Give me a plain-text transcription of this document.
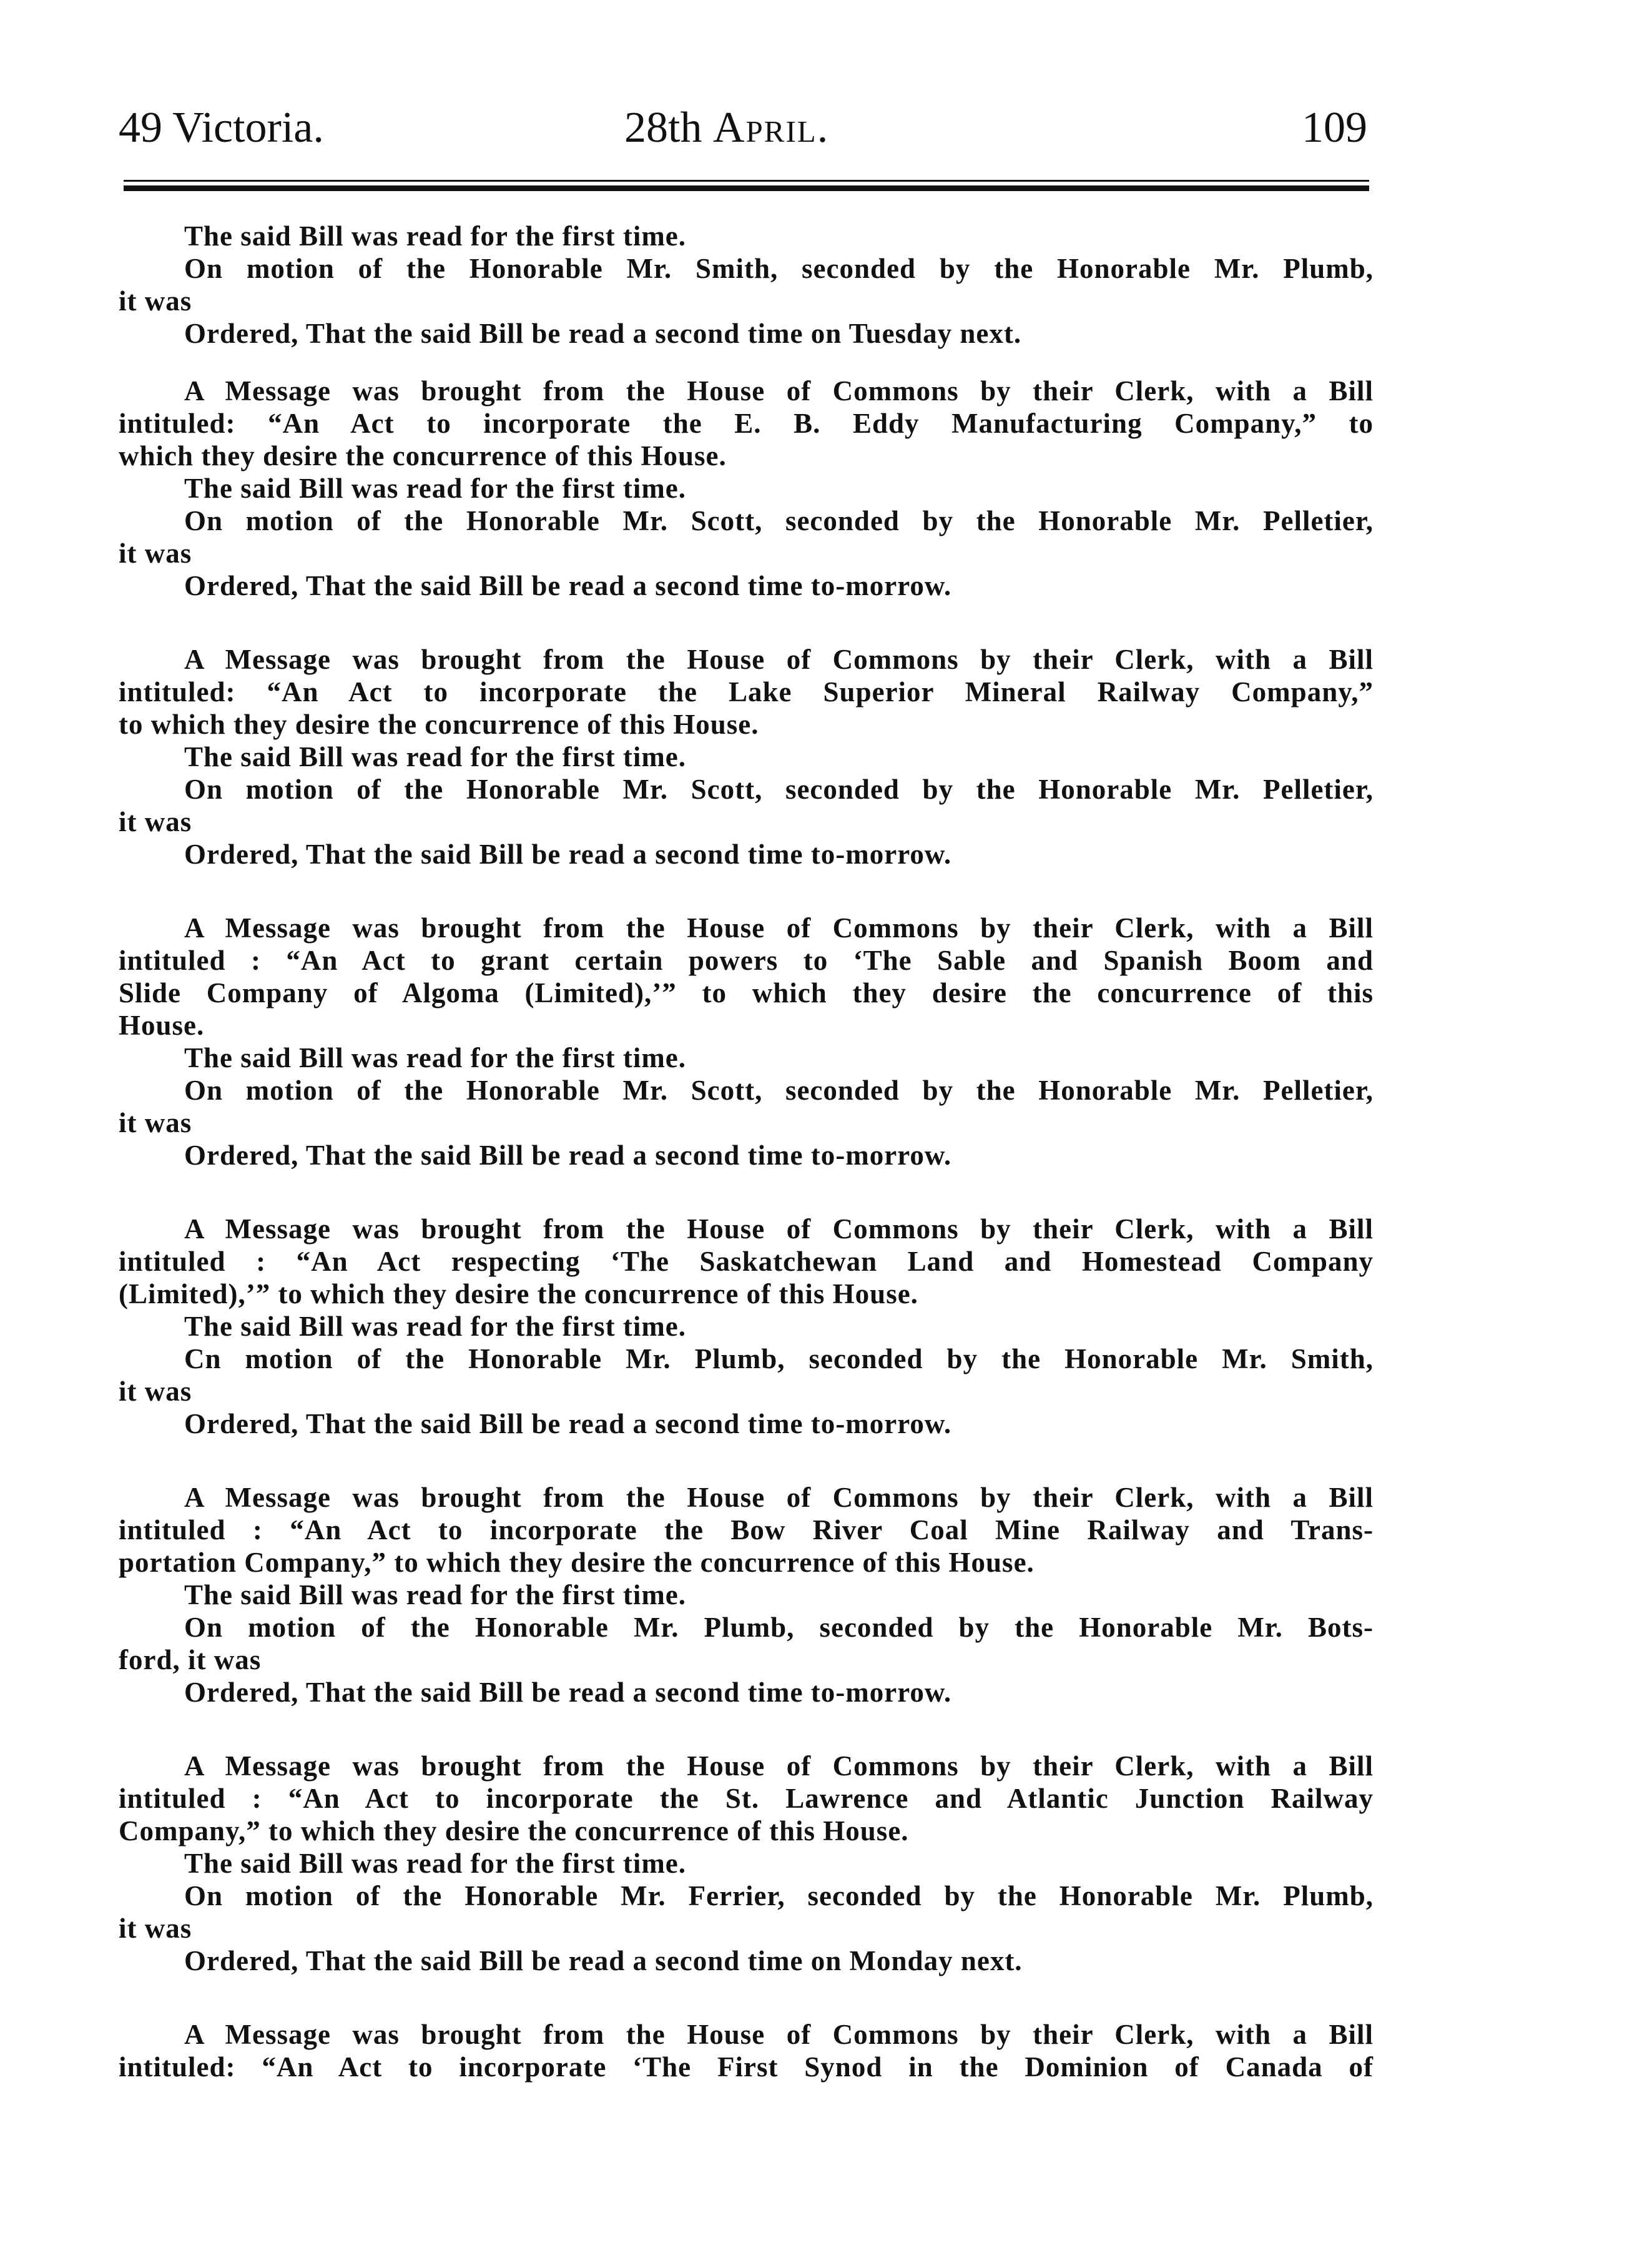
49 Victoria.	28th April.	109
The said Bill was read for the first time.
On motion of the Honorable Mr. Smith, seconded by the Honorable Mr. Plumb,
it was
Ordered, That the said Bill be read a second time on Tuesday next.
A Message was brought from the House of Commons by their Clerk, with a Bill
intituled: “An Act to incorporate the E. B. Eddy Manufacturing Company,” to
which they desire the concurrence of this House.
The said Bill was read for the first time.
On motion of the Honorable Mr. Scott, seconded by the Honorable Mr. Pelletier,
it was
Ordered, That the said Bill be read a second time to-morrow.
A Message was brought from the House of Commons by their Clerk, with a Bill
intituled: “An Act to incorporate the Lake Superior Mineral Railway Company,”
to which they desire the concurrence of this House.
The said Bill was read for the first time.
On motion of the Honorable Mr. Scott, seconded by the Honorable Mr. Pelletier,
it was
Ordered, That the said Bill be read a second time to-morrow.
A Message was brought from the House of Commons by their Clerk, with a Bill
intituled : “An Act to grant certain powers to ‘The Sable and Spanish Boom and
Slide Company of Algoma (Limited),’” to which they desire the concurrence of this
House.
The said Bill was read for the first time.
On motion of the Honorable Mr. Scott, seconded by the Honorable Mr. Pelletier,
it was
Ordered, That the said Bill be read a second time to-morrow.
A Message was brought from the House of Commons by their Clerk, with a Bill
intituled : “An Act respecting ‘The Saskatchewan Land and Homestead Company
(Limited),’” to which they desire the concurrence of this House.
The said Bill was read for the first time.
Cn motion of the Honorable Mr. Plumb, seconded by the Honorable Mr. Smith,
it was
Ordered, That the said Bill be read a second time to-morrow.
A Message was brought from the House of Commons by their Clerk, with a Bill
intituled : “An Act to incorporate the Bow River Coal Mine Railway and Trans-
portation Company,” to which they desire the concurrence of this House.
The said Bill was read for the first time.
On motion of the Honorable Mr. Plumb, seconded by the Honorable Mr. Bots-
ford, it was
Ordered, That the said Bill be read a second time to-morrow.
A Message was brought from the House of Commons by their Clerk, with a Bill
intituled : “An Act to incorporate the St. Lawrence and Atlantic Junction Railway
Company,” to which they desire the concurrence of this House.
The said Bill was read for the first time.
On motion of the Honorable Mr. Ferrier, seconded by the Honorable Mr. Plumb,
it was
Ordered, That the said Bill be read a second time on Monday next.
A Message was brought from the House of Commons by their Clerk, with a Bill
intituled: “An Act to incorporate ‘The First Synod in the Dominion of Canada of
